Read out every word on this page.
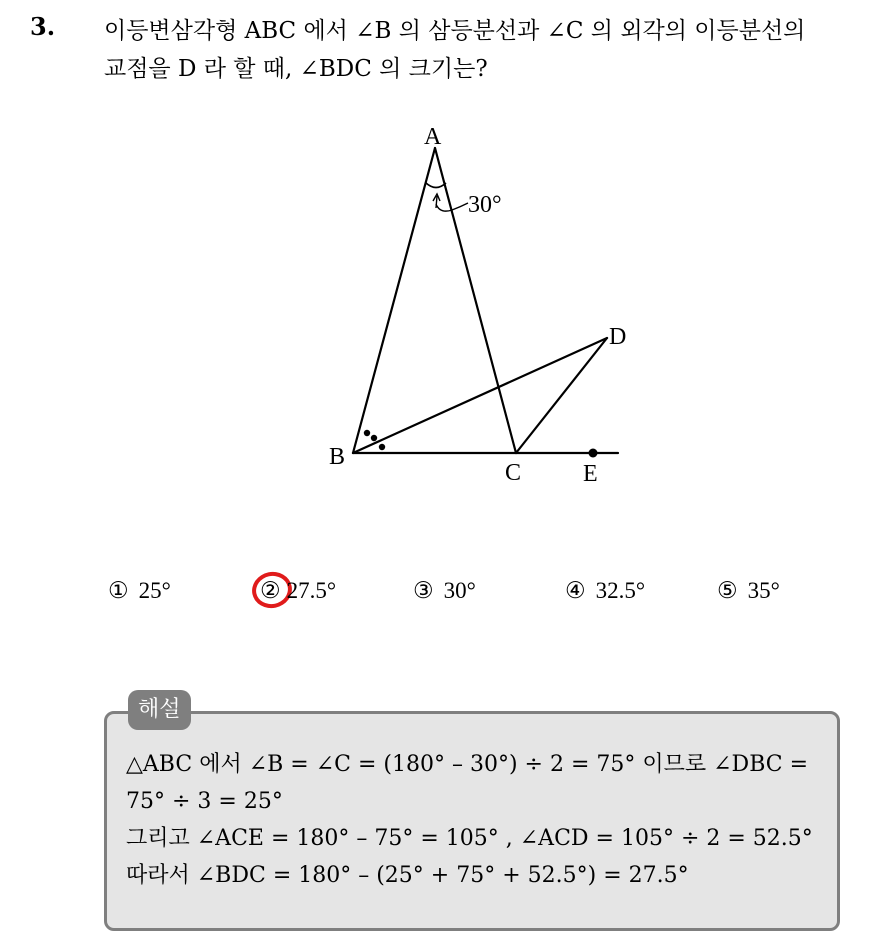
3. 이등변삼각형 ABC 에서 ∠B 의 삼등분선과 ∠C 의 외각의 이등분선의
교점을 D 라 할 때, ∠BDC 의 크기는?
A
30°
B
C
D
E
① 25°	② 27.5°	③ 30°	④ 32.5°	⑤ 35°
해설
△ABC 에서 ∠B = ∠C = (180° – 30°) ÷ 2 = 75° 이므로 ∠DBC =
75° ÷ 3 = 25°
그리고 ∠ACE = 180° – 75° = 105° , ∠ACD = 105° ÷ 2 = 52.5°
따라서 ∠BDC = 180° – (25° + 75° + 52.5°) = 27.5°
